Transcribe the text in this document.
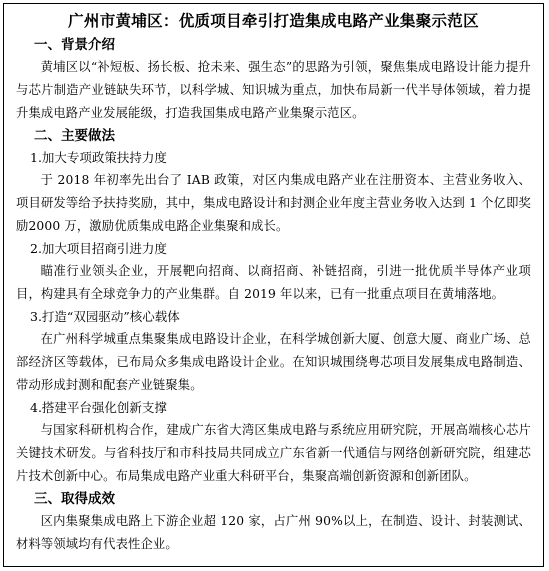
广州市黄埔区：优质项目牵引打造集成电路产业集聚示范区
一、背景介绍
黄埔区以“补短板、扬长板、抢未来、强生态”的思路为引领，聚焦集成电路设计能力提升与芯片制造产业链缺失环节，以科学城、知识城为重点，加快布局新一代半导体领域，着力提升集成电路产业发展能级，打造我国集成电路产业集聚示范区。
二、主要做法
1.加大专项政策扶持力度
于 2018 年初率先出台了 IAB 政策，对区内集成电路产业在注册资本、主营业务收入、项目研发等给予扶持奖励，其中，集成电路设计和封测企业年度主营业务收入达到 1 个亿即奖励2000 万，激励优质集成电路企业集聚和成长。
2.加大项目招商引进力度
瞄准行业领头企业，开展靶向招商、以商招商、补链招商，引进一批优质半导体产业项目，构建具有全球竞争力的产业集群。自 2019 年以来，已有一批重点项目在黄埔落地。
3.打造“双园驱动”核心载体
在广州科学城重点集聚集成电路设计企业，在科学城创新大厦、创意大厦、商业广场、总部经济区等载体，已布局众多集成电路设计企业。在知识城围绕粤芯项目发展集成电路制造、带动形成封测和配套产业链聚集。
4.搭建平台强化创新支撑
与国家科研机构合作，建成广东省大湾区集成电路与系统应用研究院，开展高端核心芯片关键技术研发。与省科技厅和市科技局共同成立广东省新一代通信与网络创新研究院，组建芯片技术创新中心。布局集成电路产业重大科研平台，集聚高端创新资源和创新团队。
三、取得成效
区内集聚集成电路上下游企业超 120 家，占广州 90%以上，在制造、设计、封装测试、材料等领域均有代表性企业。
